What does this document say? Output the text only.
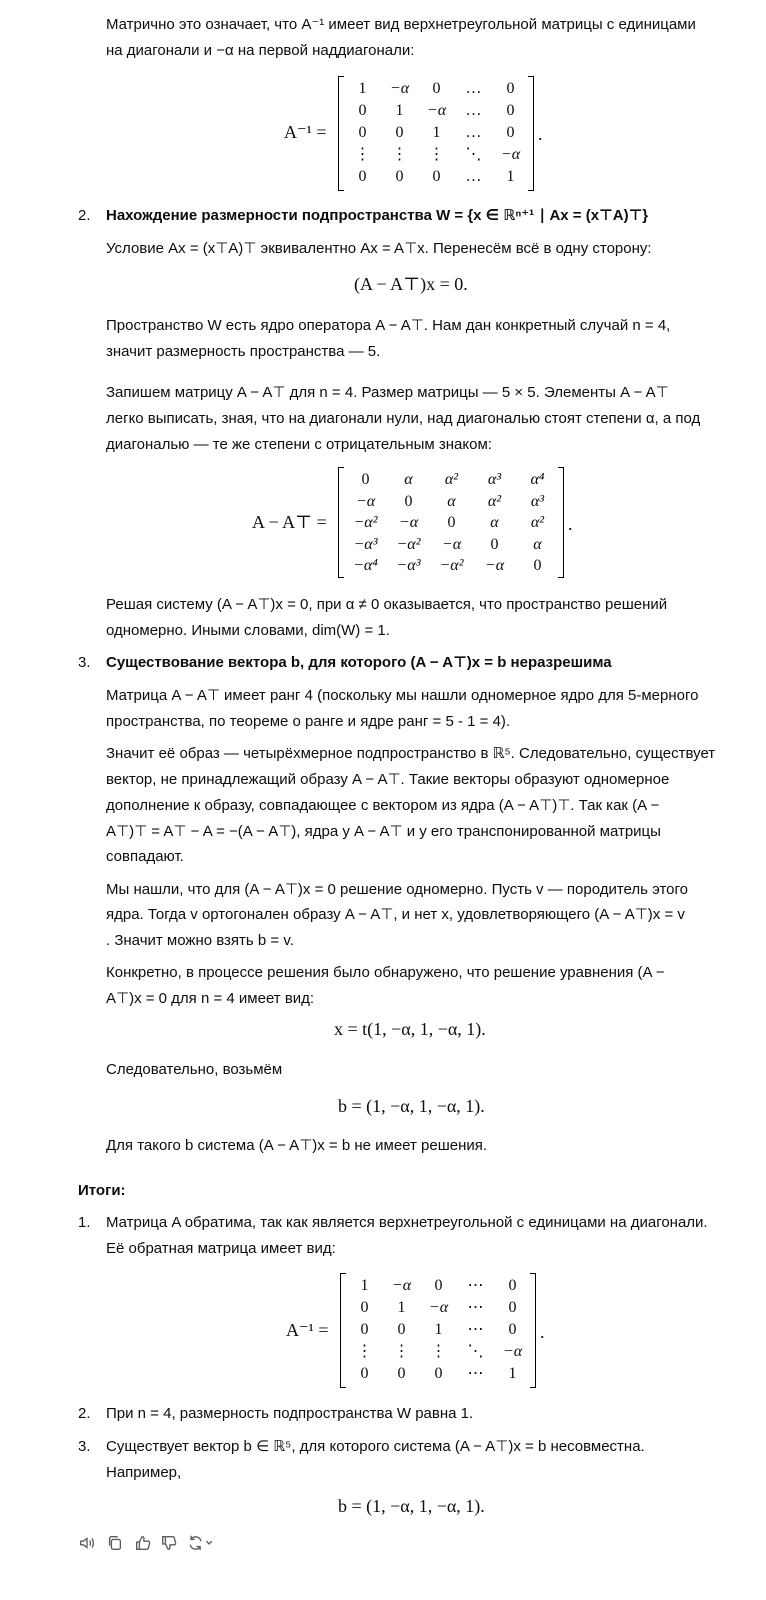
Матрично это означает, что A⁻¹ имеет вид верхнетреугольной матрицы с единицами
на диагонали и −α на первой наддиагонали:
A⁻¹ =
1	−α	0	…	0
0	1	−α	…	0
0	0	1	…	0
⋮	⋮	⋮	⋱	−α
0	0	0	…	1
.
2. Нахождение размерности подпространства W = {x ∈ ℝⁿ⁺¹ ∣ Ax = (x⊤A)⊤}
Условие Ax = (x⊤A)⊤ эквивалентно Ax = A⊤x. Перенесём всё в одну сторону:
(A − A⊤)x = 0.
Пространство W есть ядро оператора A − A⊤. Нам дан конкретный случай n = 4,
значит размерность пространства — 5.
Запишем матрицу A − A⊤ для n = 4. Размер матрицы — 5 × 5. Элементы A − A⊤
легко выписать, зная, что на диагонали нули, над диагональю стоят степени α, а под
диагональю — те же степени с отрицательным знаком:
A − A⊤ =
0	α	α²	α³	α⁴
−α	0	α	α²	α³
−α²	−α	0	α	α²
−α³	−α²	−α	0	α
−α⁴	−α³	−α²	−α	0
.
Решая систему (A − A⊤)x = 0, при α ≠ 0 оказывается, что пространство решений
одномерно. Иными словами, dim(W) = 1.
3. Существование вектора b, для которого (A − A⊤)x = b неразрешима
Матрица A − A⊤ имеет ранг 4 (поскольку мы нашли одномерное ядро для 5-мерного
пространства, по теореме о ранге и ядре ранг = 5 - 1 = 4).
Значит её образ — четырёхмерное подпространство в ℝ⁵. Следовательно, существует
вектор, не принадлежащий образу A − A⊤. Такие векторы образуют одномерное
дополнение к образу, совпадающее с вектором из ядра (A − A⊤)⊤. Так как (A −
A⊤)⊤ = A⊤ − A = −(A − A⊤), ядра у A − A⊤ и у его транспонированной матрицы
совпадают.
Мы нашли, что для (A − A⊤)x = 0 решение одномерно. Пусть v — породитель этого
ядра. Тогда v ортогонален образу A − A⊤, и нет x, удовлетворяющего (A − A⊤)x = v
. Значит можно взять b = v.
Конкретно, в процессе решения было обнаружено, что решение уравнения (A −
A⊤)x = 0 для n = 4 имеет вид:
x = t(1, −α, 1, −α, 1).
Следовательно, возьмём
b = (1, −α, 1, −α, 1).
Для такого b система (A − A⊤)x = b не имеет решения.
Итоги:
1. Матрица A обратима, так как является верхнетреугольной с единицами на диагонали.
Её обратная матрица имеет вид:
A⁻¹ =
1	−α	0	⋯	0
0	1	−α	⋯	0
0	0	1	⋯	0
⋮	⋮	⋮	⋱	−α
0	0	0	⋯	1
.
2. При n = 4, размерность подпространства W равна 1.
3. Существует вектор b ∈ ℝ⁵, для которого система (A − A⊤)x = b несовместна.
Например,
b = (1, −α, 1, −α, 1).
